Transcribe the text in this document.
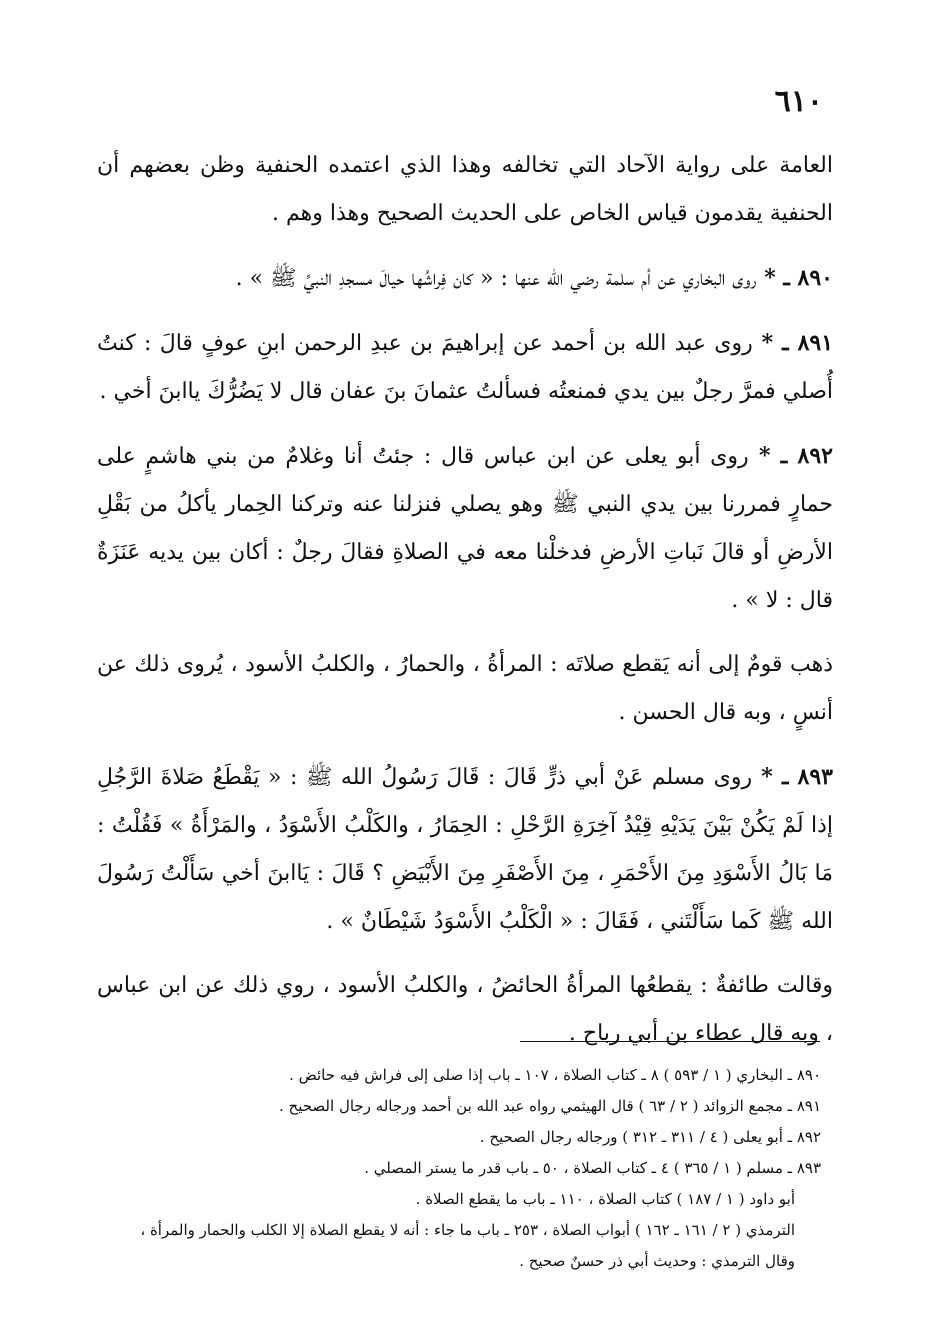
٦١٠

العامة على رواية الآحاد التي تخالفه وهذا الذي اعتمده الحنفية وظن بعضهم أن الحنفية يقدمون قياس الخاص على الحديث الصحيح وهذا وهم .

٨٩٠ ـ * روى البخاري عن أم سلمة رضي الله عنها : « كان فِراشُها حيالَ مسجدِ النبيِّ ﷺ » .

٨٩١ ـ * روى عبد الله بن أحمد عن إبراهيمَ بن عبدِ الرحمن ابنِ عوفٍ قالَ : كنتُ أُصلي فمرَّ رجلٌ بين يدي فمنعتُه فسألتُ عثمانَ بنَ عفان قال لا يَضُرُّكَ ياابنَ أخي .

٨٩٢ ـ * روى أبو يعلى عن ابن عباس قال : جئتُ أنا وغلامٌ من بني هاشمٍ على حمارٍ فمررنا بين يدي النبي ﷺ وهو يصلي فنزلنا عنه وتركنا الحِمار يأكلُ من بَقْلِ الأرضِ أو قالَ نَباتِ الأرضِ فدخلْنا معه في الصلاةِ فقالَ رجلٌ : أكان بين يديه عَنَزَةٌ قال : لا » .

ذهب قومٌ إلى أنه يَقطع صلاتَه : المرأةُ ، والحمارُ ، والكلبُ الأسود ، يُروى ذلك عن أنسٍ ، وبه قال الحسن .

٨٩٣ ـ * روى مسلم عَنْ أبي ذرٍّ قَالَ : قَالَ رَسُولُ الله ﷺ : « يَقْطَعُ صَلاةَ الرَّجُلِ إذا لَمْ يَكُنْ بَيْنَ يَدَيْهِ قِيْدُ آخِرَةِ الرَّحْلِ : الحِمَارُ ، والكَلْبُ الأَسْوَدُ ، والمَرْأَةُ » فَقُلْتُ : مَا بَالُ الأَسْوَدِ مِنَ الأَحْمَرِ ، مِنَ الأَصْفَرِ مِنَ الأَبْيَضِ ؟ قَالَ : يَاابنَ أخي سَأَلْتُ رَسُولَ الله ﷺ كَما سَأَلْتَني ، فَقَالَ : « الْكَلْبُ الأَسْوَدُ شَيْطَانٌ » .

وقالت طائفةٌ : يقطعُها المرأةُ الحائضُ ، والكلبُ الأسود ، روي ذلك عن ابن عباس ، وبه قال عطاء بن أبي رباح .

٨٩٠ ـ البخاري ( ١ / ٥٩٣ ) ٨ ـ كتاب الصلاة ، ١٠٧ ـ باب إذا صلى إلى فراش فيه حائض .
٨٩١ ـ مجمع الزوائد ( ٢ / ٦٣ ) قال الهيثمي رواه عبد الله بن أحمد ورجاله رجال الصحيح .
٨٩٢ ـ أبو يعلى ( ٤ / ٣١١ ـ ٣١٢ ) ورجاله رجال الصحيح .
٨٩٣ ـ مسلم ( ١ / ٣٦٥ ) ٤ ـ كتاب الصلاة ، ٥٠ ـ باب قدر ما يستر المصلي .
أبو داود ( ١ / ١٨٧ ) كتاب الصلاة ، ١١٠ ـ باب ما يقطع الصلاة .
الترمذي ( ٢ / ١٦١ ـ ١٦٢ ) أبواب الصلاة ، ٢٥٣ ـ باب ما جاء : أنه لا يقطع الصلاة إلا الكلب والحمار والمرأة ،
وقال الترمذي : وحديث أبي ذر حسنٌ صحيح .
